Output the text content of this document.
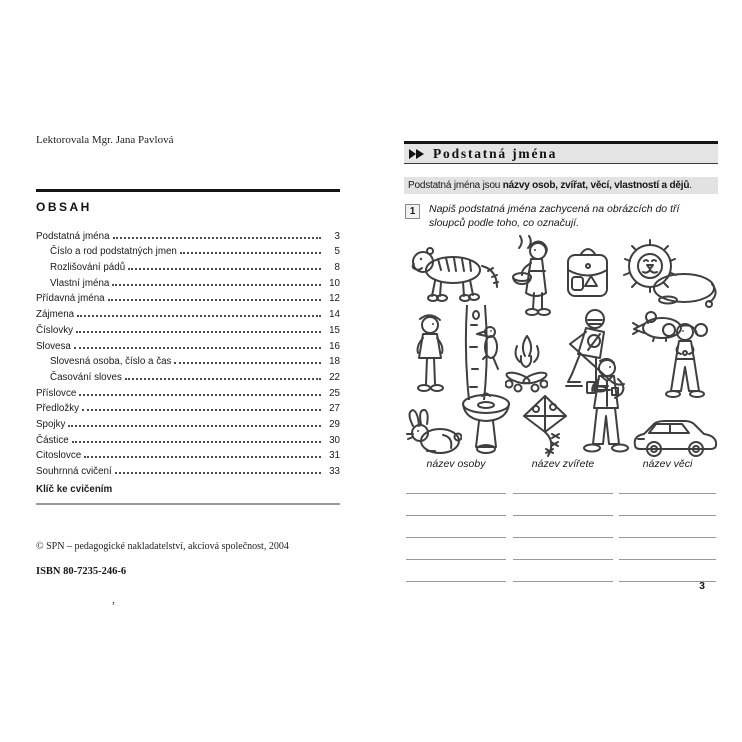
Lektorovala Mgr. Jana Pavlová
OBSAH
Podstatná jména	3
Číslo a rod podstatných jmen	5
Rozlišování pádů	8
Vlastní jména	10
Přídavná jména	12
Zájmena	14
Číslovky	15
Slovesa	16
Slovesná osoba, číslo a čas	18
Časování sloves	22
Příslovce	25
Předložky	27
Spojky	29
Částice	30
Citoslovce	31
Souhrnná cvičení	33
Klíč ke cvičením
© SPN – pedagogické nakladatelství, akciová společnost, 2004
ISBN 80-7235-246-6
,
Podstatná jména
Podstatná jména jsou názvy osob, zvířat, věcí, vlastností a dějů.
1	Napiš podstatná jména zachycená na obrázcích do tří sloupců podle toho, co označují.
název osoby	název zvířete	název věci
3
